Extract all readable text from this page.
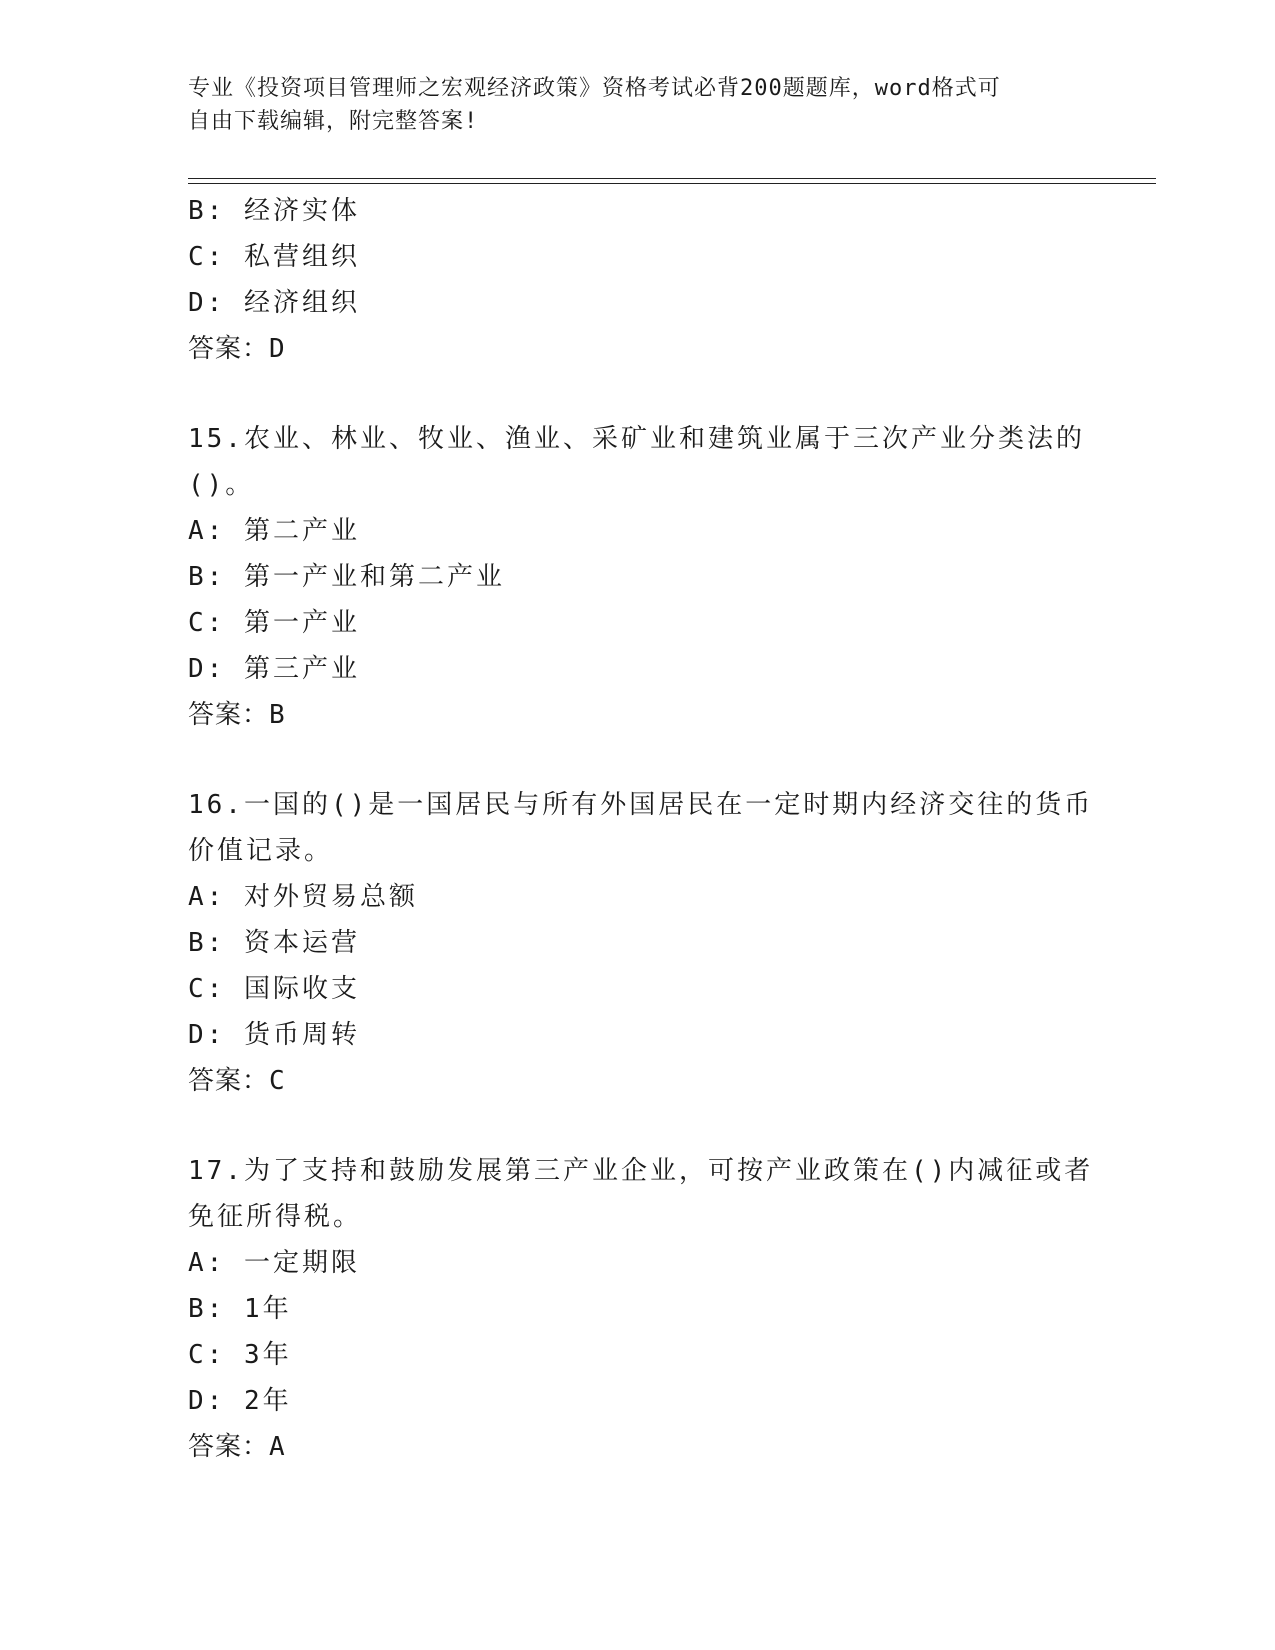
专业《投资项目管理师之宏观经济政策》资格考试必背200题题库，word格式可
自由下载编辑，附完整答案!
B: 经济实体
C: 私营组织
D: 经济组织
答案：D
15.农业、林业、牧业、渔业、采矿业和建筑业属于三次产业分类法的
()。
A: 第二产业
B: 第一产业和第二产业
C: 第一产业
D: 第三产业
答案：B
16.一国的()是一国居民与所有外国居民在一定时期内经济交往的货币
价值记录。
A: 对外贸易总额
B: 资本运营
C: 国际收支
D: 货币周转
答案：C
17.为了支持和鼓励发展第三产业企业，可按产业政策在()内减征或者
免征所得税。
A: 一定期限
B: 1年
C: 3年
D: 2年
答案：A
